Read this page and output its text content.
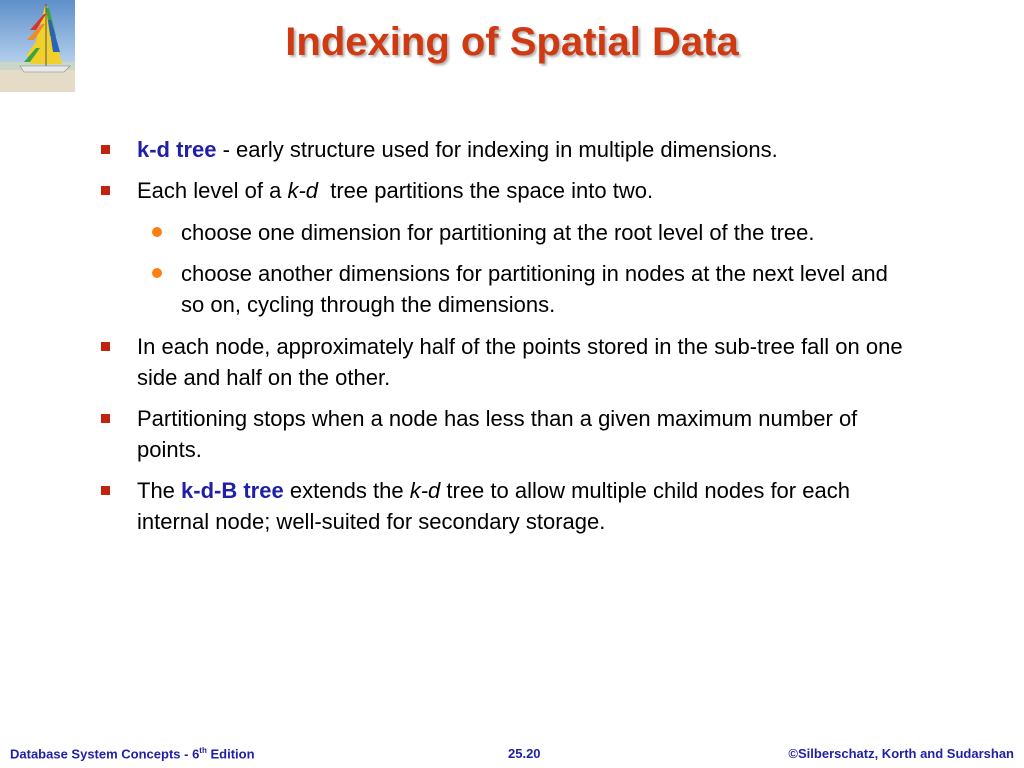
Indexing of Spatial Data
k-d tree - early structure used for indexing in multiple dimensions.
Each level of a k-d  tree partitions the space into two.
choose one dimension for partitioning at the root level of the tree.
choose another dimensions for partitioning in nodes at the next level and so on, cycling through the dimensions.
In each node, approximately half of the points stored in the sub-tree fall on one side and half on the other.
Partitioning stops when a node has less than a given maximum number of points.
The k-d-B tree extends the k-d tree to allow multiple child nodes for each internal node; well-suited for secondary storage.
Database System Concepts - 6th Edition	25.20	©Silberschatz, Korth and Sudarshan
